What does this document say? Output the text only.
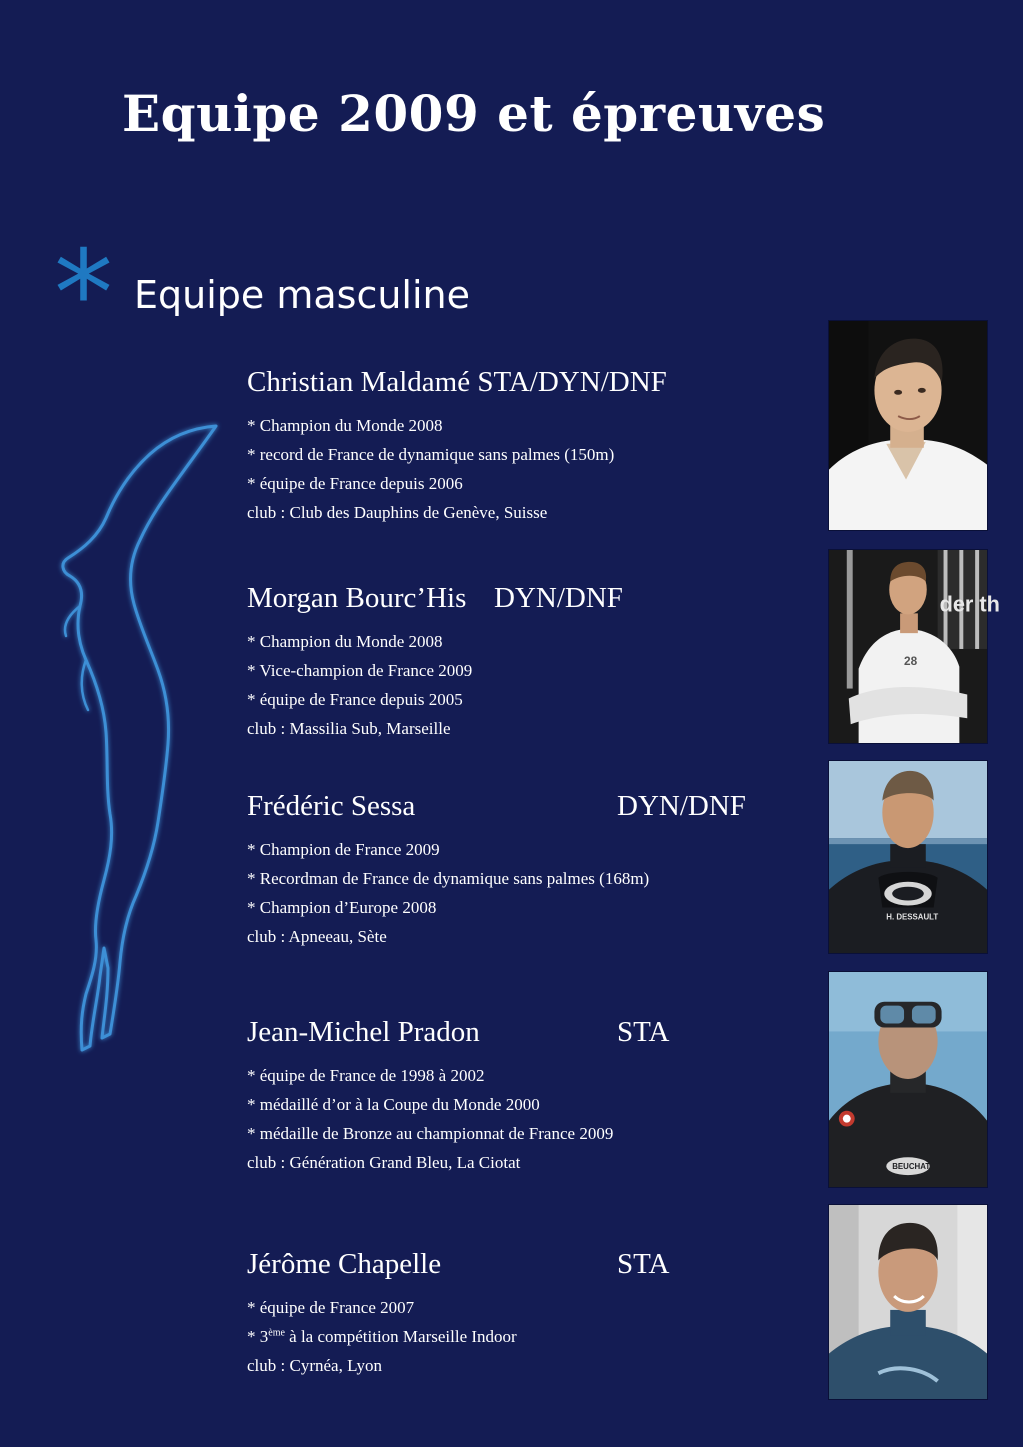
Equipe 2009 et épreuves
* Equipe masculine
Christian Maldamé STA/DYN/DNF
* Champion du Monde 2008
* record de France de dynamique sans palmes (150m)
* équipe de France depuis 2006
club : Club des Dauphins de Genève, Suisse
Morgan Bourc’His DYN/DNF
* Champion du Monde 2008
* Vice-champion de France 2009
* équipe de France depuis 2005
club : Massilia Sub, Marseille
Frédéric Sessa	DYN/DNF
* Champion de France 2009
* Recordman de France de dynamique sans palmes (168m)
* Champion d’Europe 2008
club : Apneeau, Sète
Jean-Michel Pradon	STA
* équipe de France de 1998 à 2002
* médaillé d’or à la Coupe du Monde 2000
* médaille de Bronze au championnat de France 2009
club : Génération Grand Bleu, La Ciotat
Jérôme Chapelle	STA
* équipe de France 2007
* 3ème à la compétition Marseille Indoor
club : Cyrnéa, Lyon
der th
28
H. DESSAULT
BEUCHAT
